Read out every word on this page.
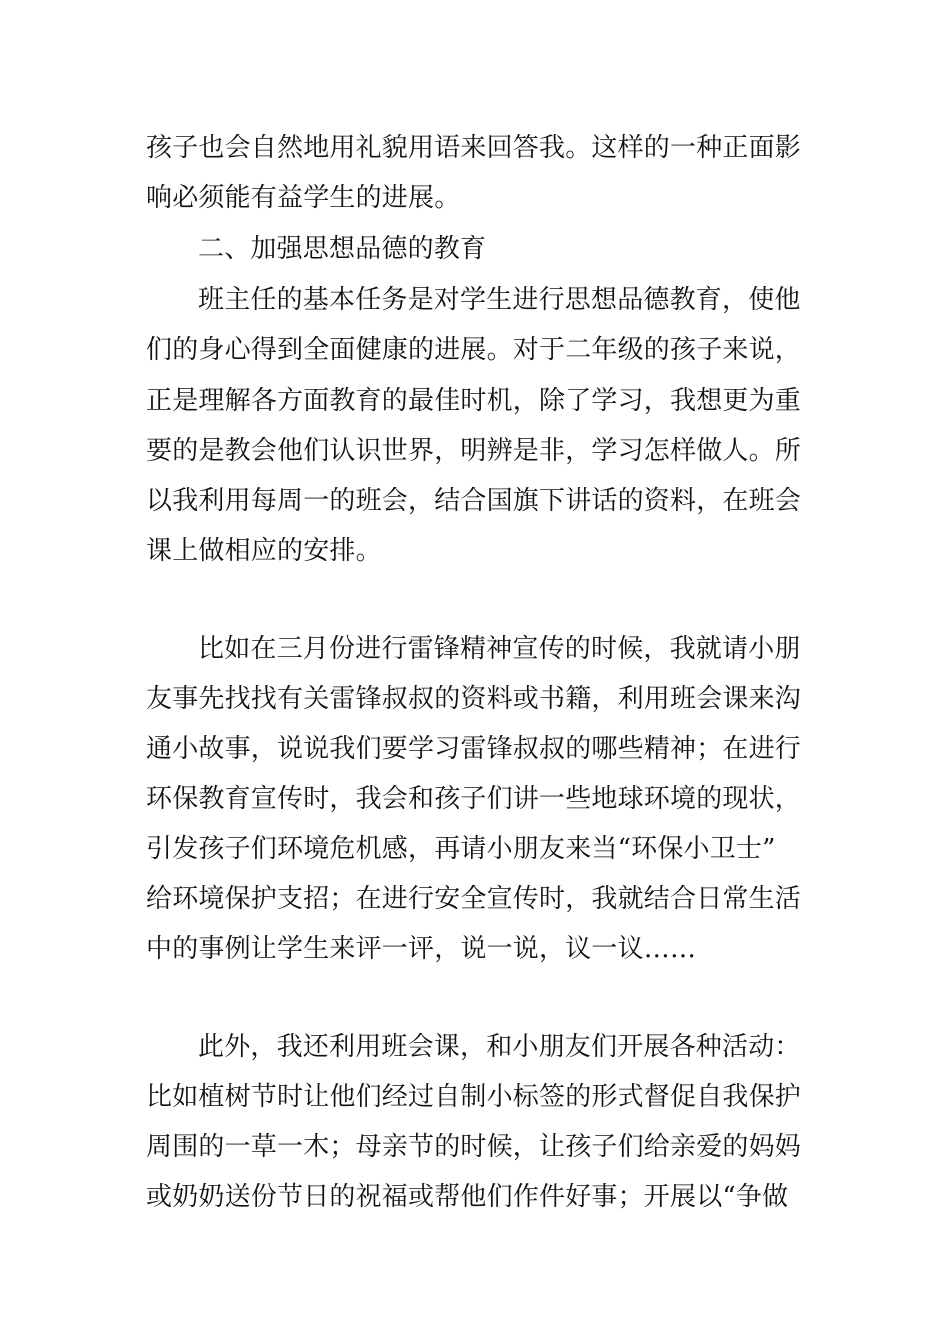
孩子也会自然地用礼貌用语来回答我。这样的一种正面影
响必须能有益学生的进展。
二、加强思想品德的教育
班主任的基本任务是对学生进行思想品德教育，使他
们的身心得到全面健康的进展。对于二年级的孩子来说，
正是理解各方面教育的最佳时机，除了学习，我想更为重
要的是教会他们认识世界，明辨是非，学习怎样做人。所
以我利用每周一的班会，结合国旗下讲话的资料，在班会
课上做相应的安排。
比如在三月份进行雷锋精神宣传的时候，我就请小朋
友事先找找有关雷锋叔叔的资料或书籍，利用班会课来沟
通小故事，说说我们要学习雷锋叔叔的哪些精神；在进行
环保教育宣传时，我会和孩子们讲一些地球环境的现状，
引发孩子们环境危机感，再请小朋友来当“环保小卫士”
给环境保护支招；在进行安全宣传时，我就结合日常生活
中的事例让学生来评一评，说一说，议一议……
此外，我还利用班会课，和小朋友们开展各种活动：
比如植树节时让他们经过自制小标签的形式督促自我保护
周围的一草一木；母亲节的时候，让孩子们给亲爱的妈妈
或奶奶送份节日的祝福或帮他们作件好事；开展以“争做
